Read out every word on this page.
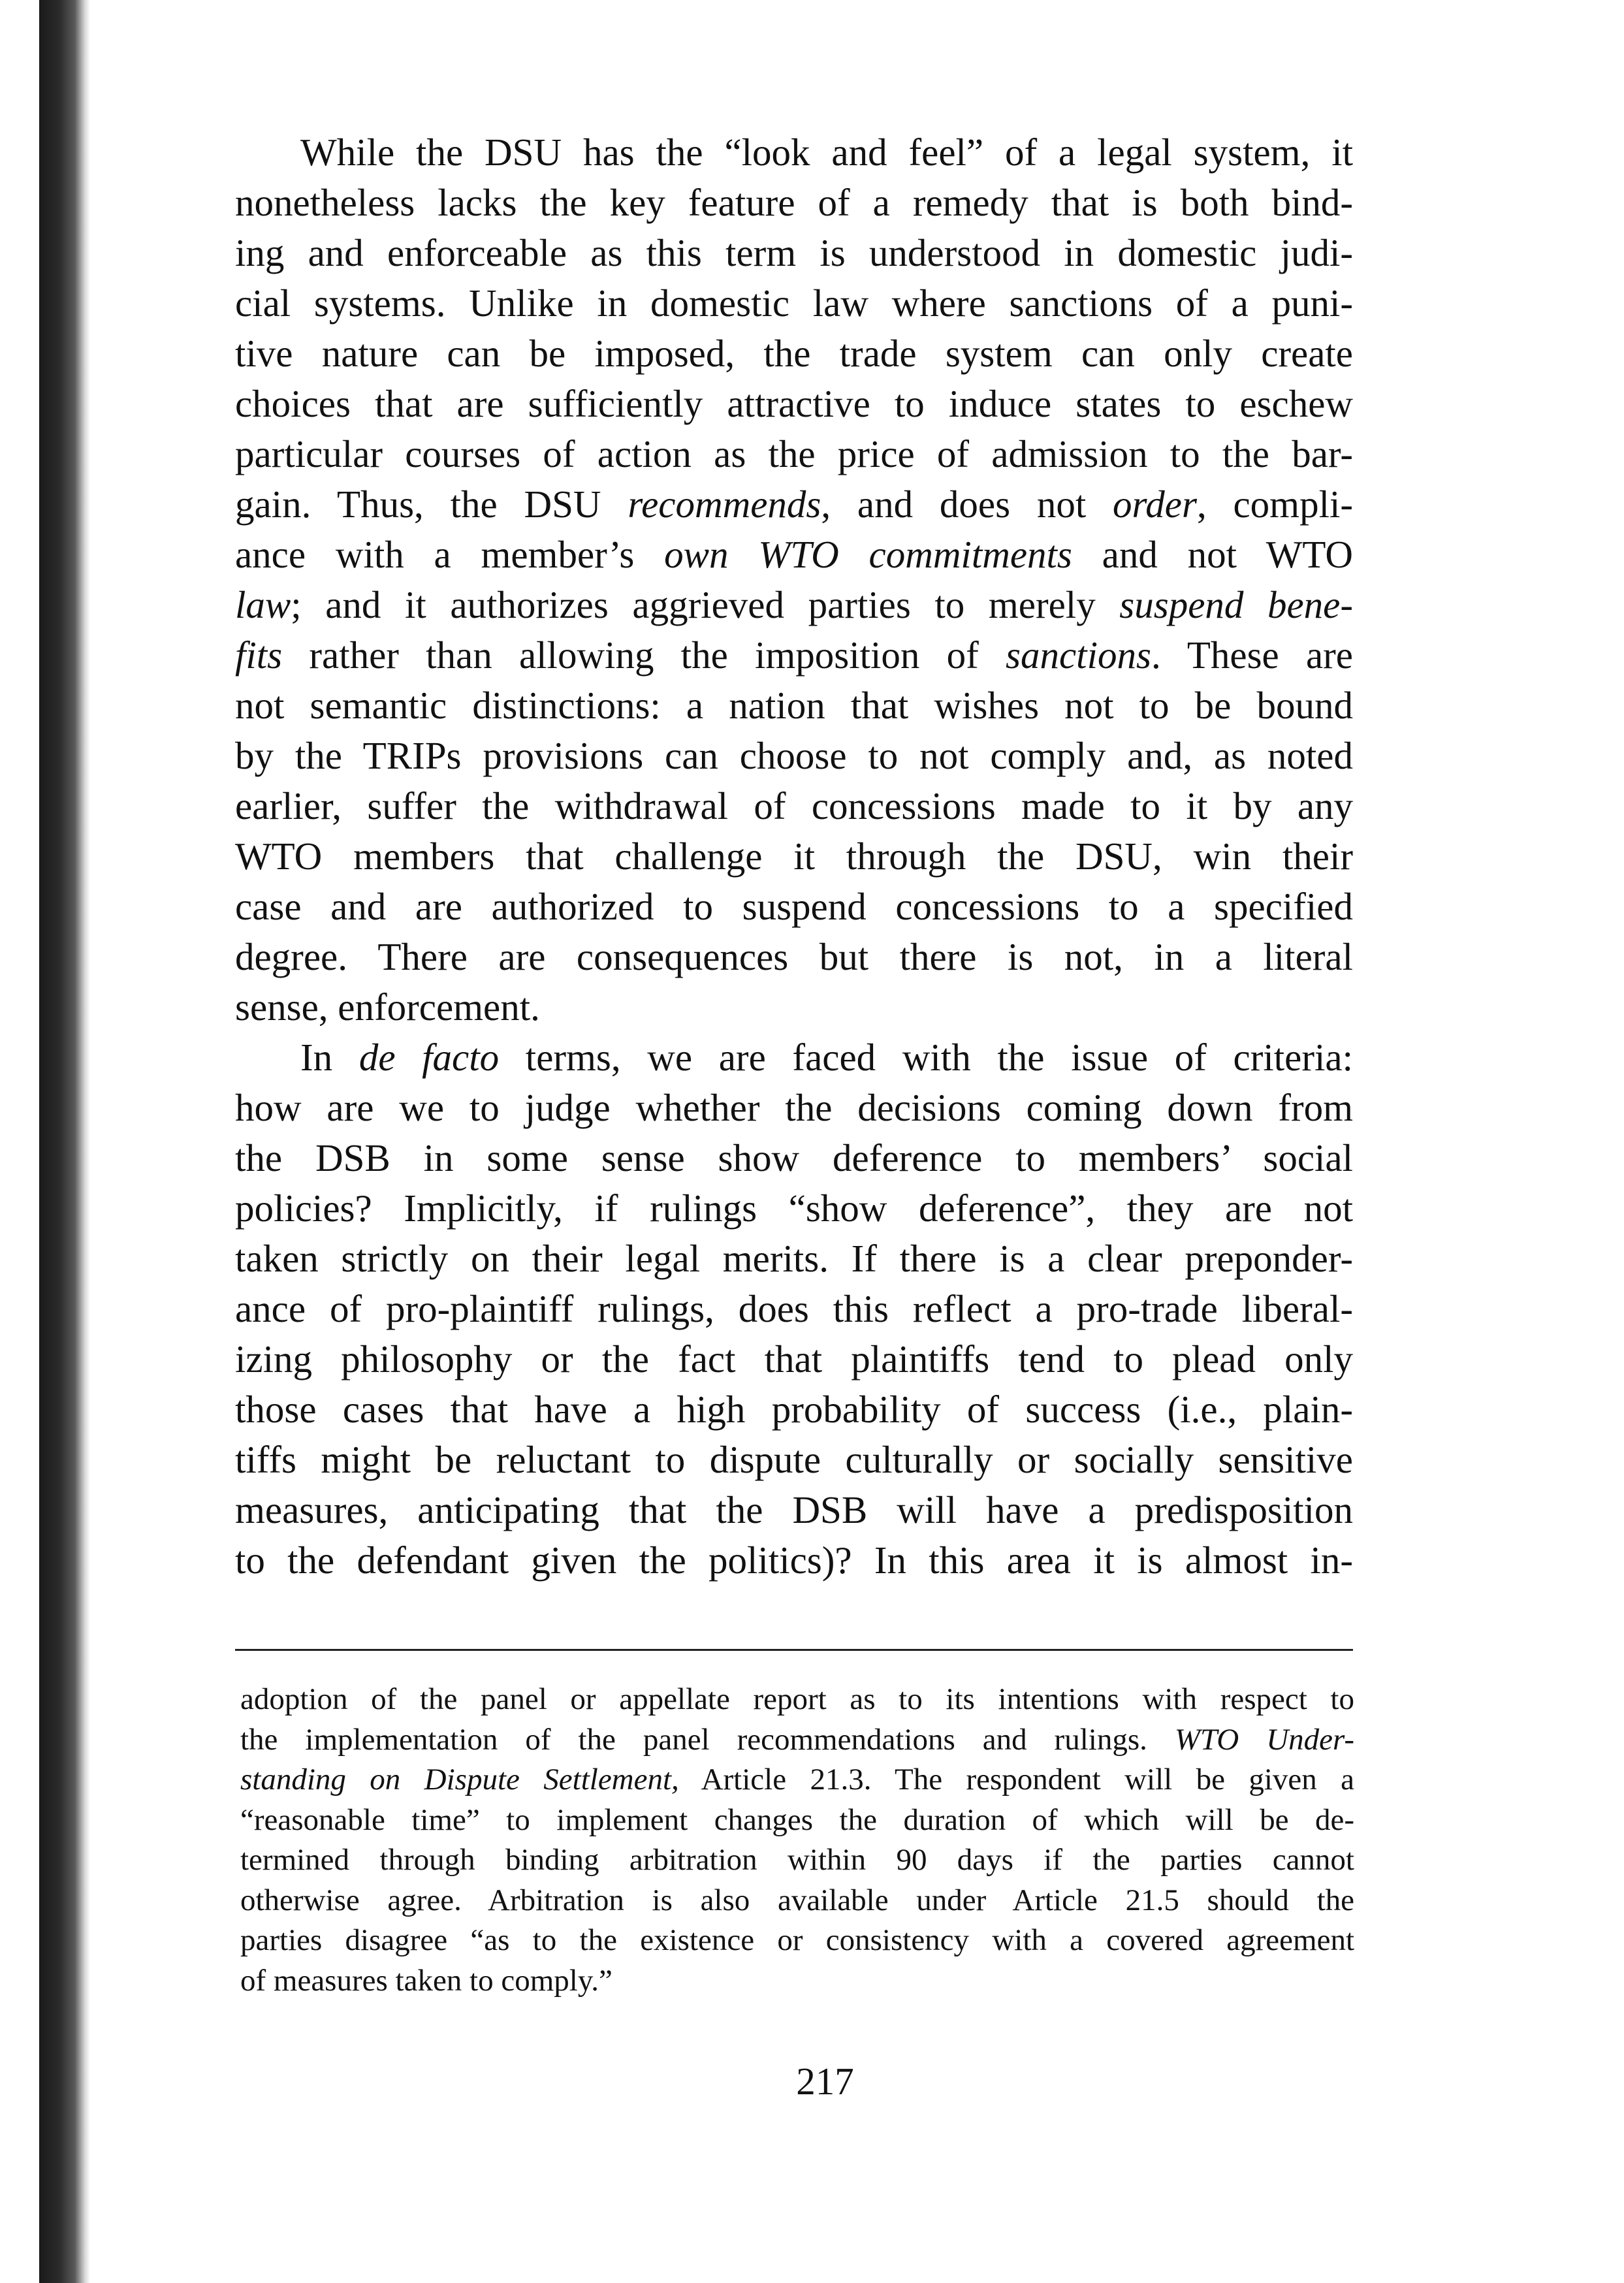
While the DSU has the “look and feel” of a legal system, it
nonetheless lacks the key feature of a remedy that is both bind-
ing and enforceable as this term is understood in domestic judi-
cial systems. Unlike in domestic law where sanctions of a puni-
tive nature can be imposed, the trade system can only create
choices that are sufficiently attractive to induce states to eschew
particular courses of action as the price of admission to the bar-
gain. Thus, the DSU recommends, and does not order, compli-
ance with a member’s own WTO commitments and not WTO
law; and it authorizes aggrieved parties to merely suspend bene-
fits rather than allowing the imposition of sanctions. These are
not semantic distinctions: a nation that wishes not to be bound
by the TRIPs provisions can choose to not comply and, as noted
earlier, suffer the withdrawal of concessions made to it by any
WTO members that challenge it through the DSU, win their
case and are authorized to suspend concessions to a specified
degree. There are consequences but there is not, in a literal
sense, enforcement.

In de facto terms, we are faced with the issue of criteria:
how are we to judge whether the decisions coming down from
the DSB in some sense show deference to members’ social
policies? Implicitly, if rulings “show deference”, they are not
taken strictly on their legal merits. If there is a clear preponder-
ance of pro-plaintiff rulings, does this reflect a pro-trade liberal-
izing philosophy or the fact that plaintiffs tend to plead only
those cases that have a high probability of success (i.e., plain-
tiffs might be reluctant to dispute culturally or socially sensitive
measures, anticipating that the DSB will have a predisposition
to the defendant given the politics)? In this area it is almost in-

adoption of the panel or appellate report as to its intentions with respect to
the implementation of the panel recommendations and rulings. WTO Under-
standing on Dispute Settlement, Article 21.3. The respondent will be given a
“reasonable time” to implement changes the duration of which will be de-
termined through binding arbitration within 90 days if the parties cannot
otherwise agree. Arbitration is also available under Article 21.5 should the
parties disagree “as to the existence or consistency with a covered agreement
of measures taken to comply.”

217
